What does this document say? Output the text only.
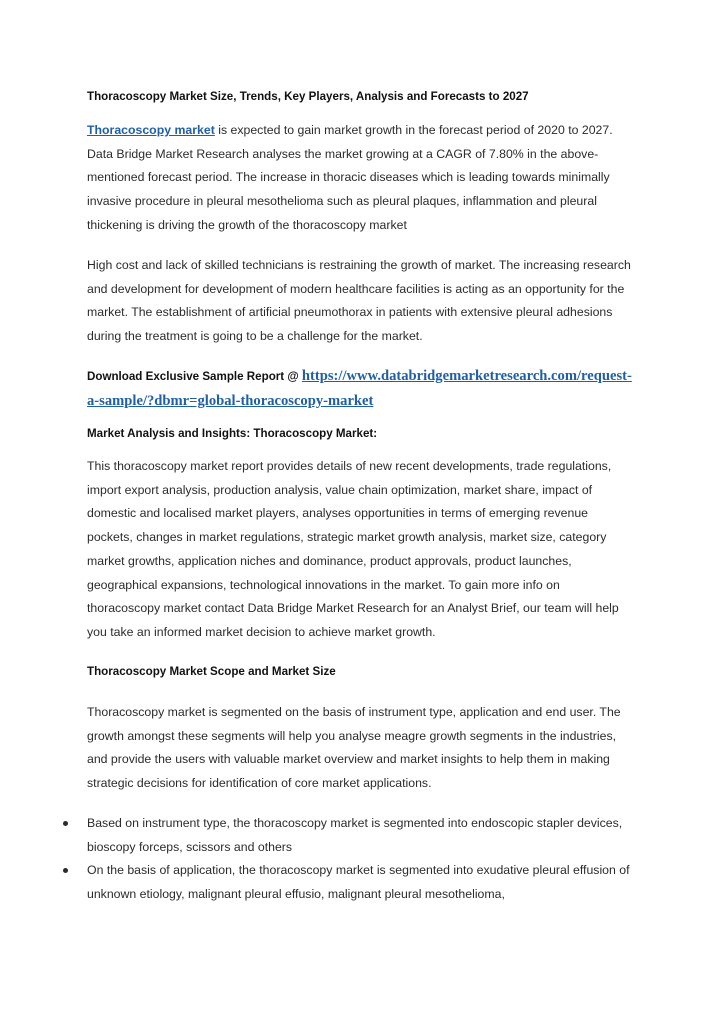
Thoracoscopy Market Size, Trends, Key Players, Analysis and Forecasts to 2027
Thoracoscopy market is expected to gain market growth in the forecast period of 2020 to 2027. Data Bridge Market Research analyses the market growing at a CAGR of 7.80% in the above-mentioned forecast period. The increase in thoracic diseases which is leading towards minimally invasive procedure in pleural mesothelioma such as pleural plaques, inflammation and pleural thickening is driving the growth of the thoracoscopy market
High cost and lack of skilled technicians is restraining the growth of market. The increasing research and development for development of modern healthcare facilities is acting as an opportunity for the market. The establishment of artificial pneumothorax in patients with extensive pleural adhesions during the treatment is going to be a challenge for the market.
Download Exclusive Sample Report @ https://www.databridgemarketresearch.com/request-a-sample/?dbmr=global-thoracoscopy-market
Market Analysis and Insights: Thoracoscopy Market:
This thoracoscopy market report provides details of new recent developments, trade regulations, import export analysis, production analysis, value chain optimization, market share, impact of domestic and localised market players, analyses opportunities in terms of emerging revenue pockets, changes in market regulations, strategic market growth analysis, market size, category market growths, application niches and dominance, product approvals, product launches, geographical expansions, technological innovations in the market. To gain more info on thoracoscopy market contact Data Bridge Market Research for an Analyst Brief, our team will help you take an informed market decision to achieve market growth.
Thoracoscopy Market Scope and Market Size
Thoracoscopy market is segmented on the basis of instrument type, application and end user. The growth amongst these segments will help you analyse meagre growth segments in the industries, and provide the users with valuable market overview and market insights to help them in making strategic decisions for identification of core market applications.
Based on instrument type, the thoracoscopy market is segmented into endoscopic stapler devices, bioscopy forceps, scissors and others
On the basis of application, the thoracoscopy market is segmented into exudative pleural effusion of unknown etiology, malignant pleural effusio, malignant pleural mesothelioma,
